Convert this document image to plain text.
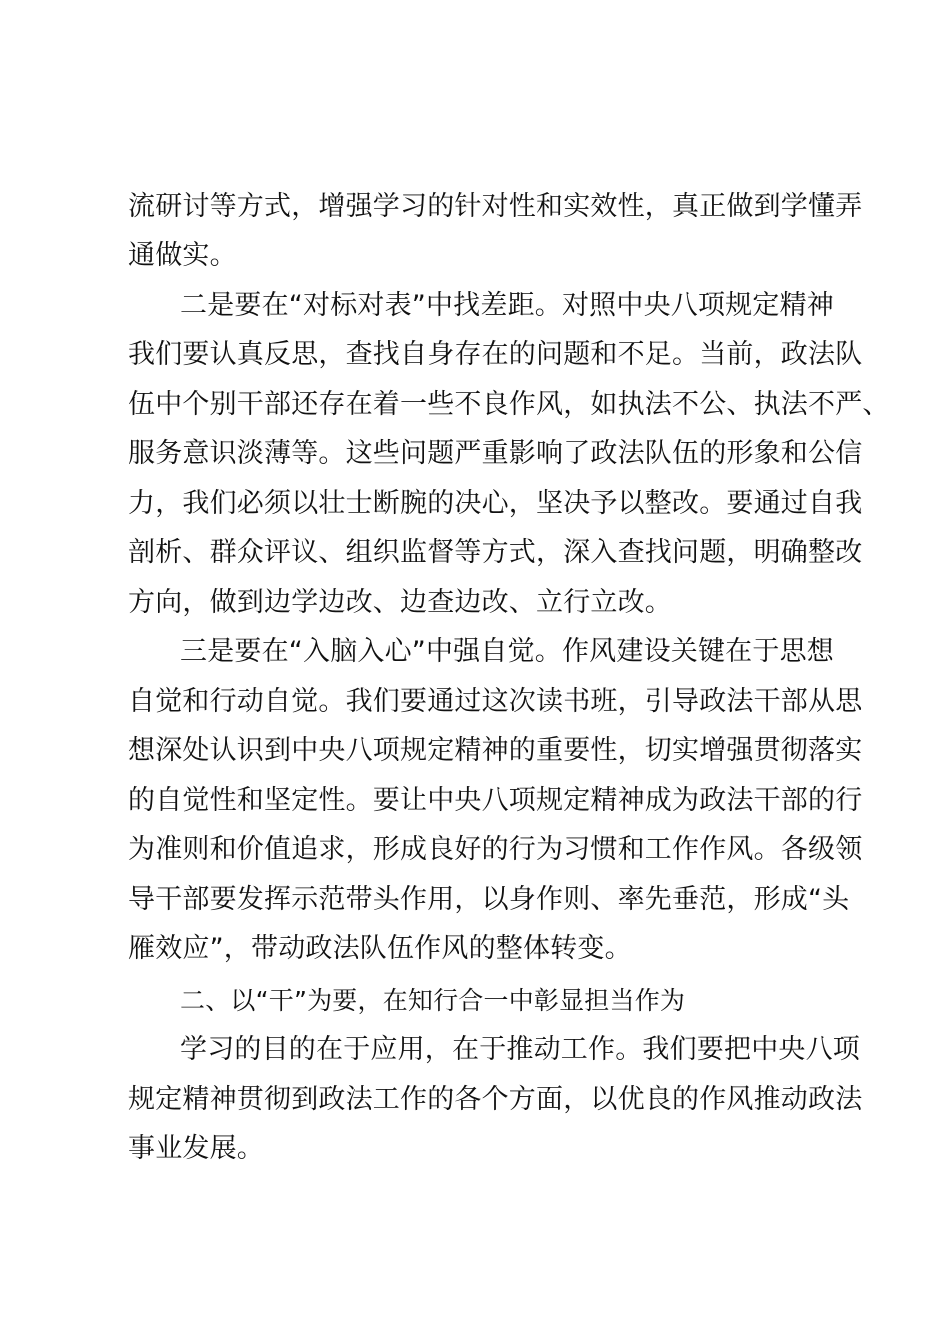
流研讨等方式，增强学习的针对性和实效性，真正做到学懂弄

通做实。

二是要在“对标对表”中找差距。对照中央八项规定精神

我们要认真反思，查找自身存在的问题和不足。当前，政法队

伍中个别干部还存在着一些不良作风，如执法不公、执法不严、

服务意识淡薄等。这些问题严重影响了政法队伍的形象和公信

力，我们必须以壮士断腕的决心，坚决予以整改。要通过自我

剖析、群众评议、组织监督等方式，深入查找问题，明确整改

方向，做到边学边改、边查边改、立行立改。

三是要在“入脑入心”中强自觉。作风建设关键在于思想

自觉和行动自觉。我们要通过这次读书班，引导政法干部从思

想深处认识到中央八项规定精神的重要性，切实增强贯彻落实

的自觉性和坚定性。要让中央八项规定精神成为政法干部的行

为准则和价值追求，形成良好的行为习惯和工作作风。各级领

导干部要发挥示范带头作用，以身作则、率先垂范，形成“头

雁效应”，带动政法队伍作风的整体转变。

二、以“干”为要，在知行合一中彰显担当作为

学习的目的在于应用，在于推动工作。我们要把中央八项

规定精神贯彻到政法工作的各个方面，以优良的作风推动政法

事业发展。
